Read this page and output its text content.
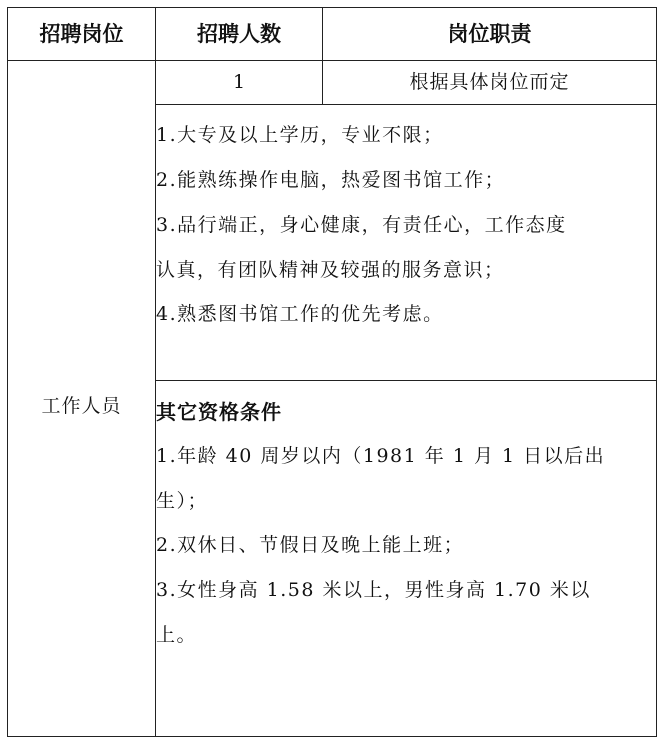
招聘岗位	招聘人数	岗位职责
工作人员
1	根据具体岗位而定
1.大专及以上学历，专业不限；
2.能熟练操作电脑，热爱图书馆工作；
3.品行端正，身心健康，有责任心，工作态度
认真，有团队精神及较强的服务意识；
4.熟悉图书馆工作的优先考虑。
其它资格条件
1.年龄 40 周岁以内（1981 年 1 月 1 日以后出
生）；
2.双休日、节假日及晚上能上班；
3.女性身高 1.58 米以上，男性身高 1.70 米以
上。
